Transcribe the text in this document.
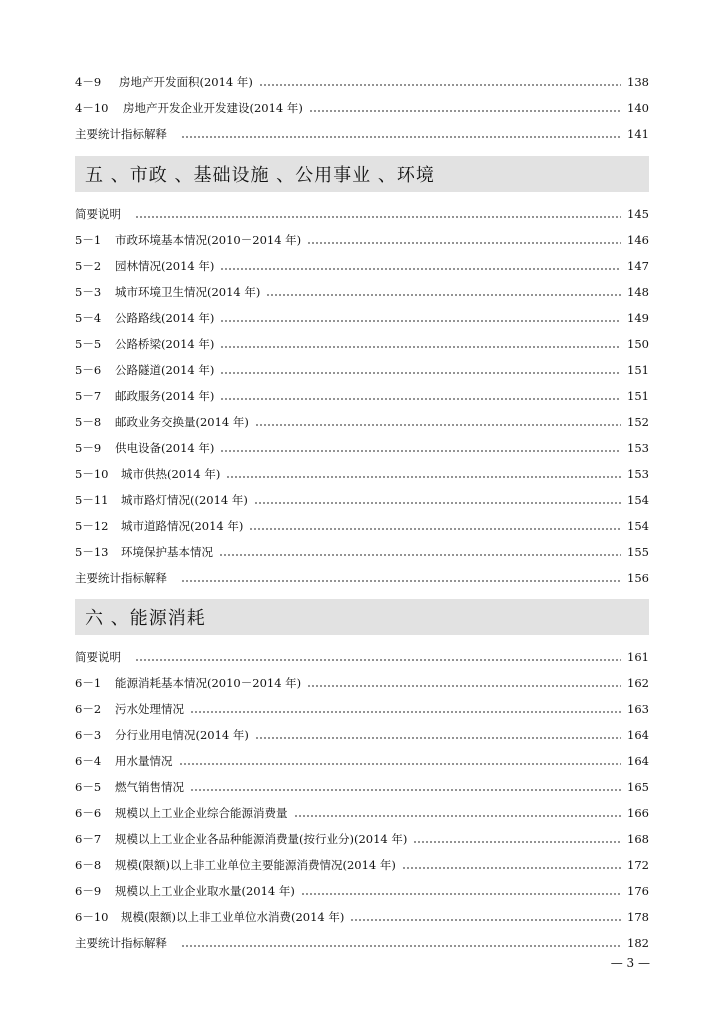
4－9	房地产开发面积(2014 年)	138
4－10	房地产开发企业开发建设(2014 年)	140
主要统计指标解释	141
五 、市政 、基础设施 、公用事业 、环境
简要说明	145
5－1	市政环境基本情况(2010－2014 年)	146
5－2	园林情况(2014 年)	147
5－3	城市环境卫生情况(2014 年)	148
5－4	公路路线(2014 年)	149
5－5	公路桥梁(2014 年)	150
5－6	公路隧道(2014 年)	151
5－7	邮政服务(2014 年)	151
5－8	邮政业务交换量(2014 年)	152
5－9	供电设备(2014 年)	153
5－10	城市供热(2014 年)	153
5－11	城市路灯情况((2014 年)	154
5－12	城市道路情况(2014 年)	154
5－13	环境保护基本情况	155
主要统计指标解释	156
六 、能源消耗
简要说明	161
6－1	能源消耗基本情况(2010－2014 年)	162
6－2	污水处理情况	163
6－3	分行业用电情况(2014 年)	164
6－4	用水量情况	164
6－5	燃气销售情况	165
6－6	规模以上工业企业综合能源消费量	166
6－7	规模以上工业企业各品种能源消费量(按行业分)(2014 年)	168
6－8	规模(限额)以上非工业单位主要能源消费情况(2014 年)	172
6－9	规模以上工业企业取水量(2014 年)	176
6－10	规模(限额)以上非工业单位水消费(2014 年)	178
主要统计指标解释	182
— 3 —
